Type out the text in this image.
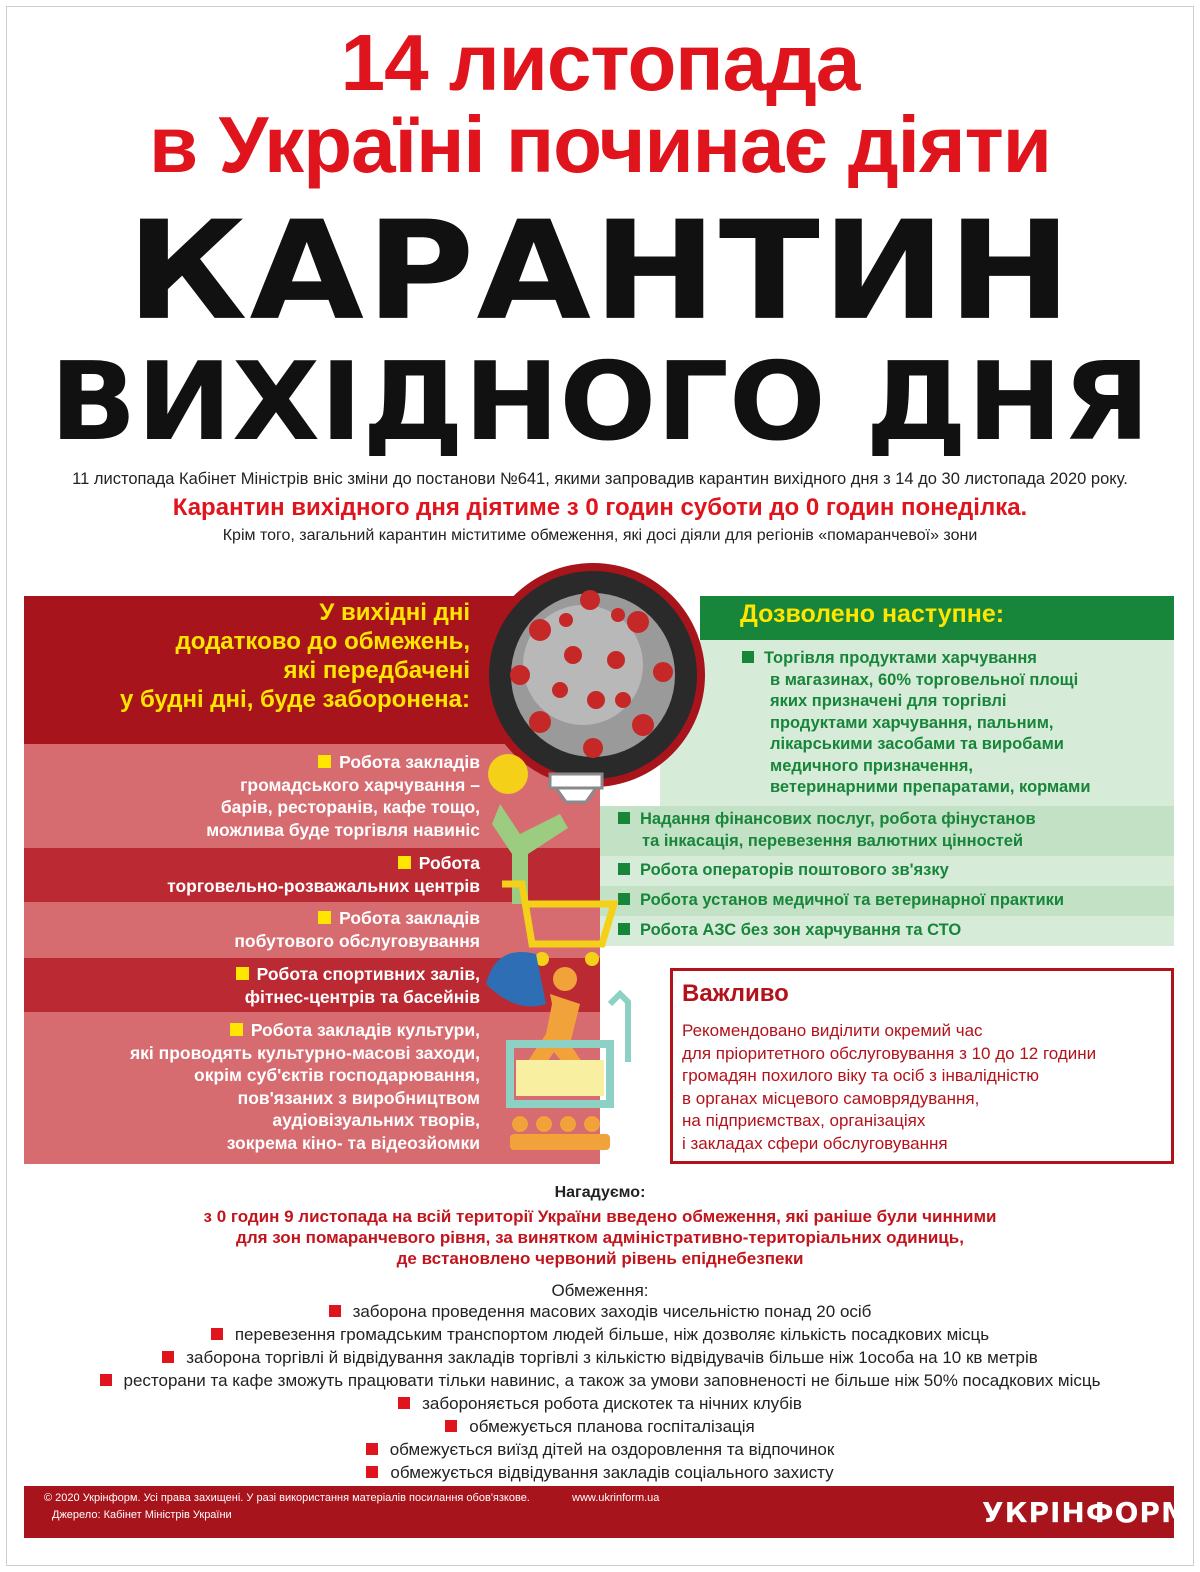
14 листопада
в Україні починає діяти
КАРАНТИН
ВИХІДНОГО ДНЯ
11 листопада Кабінет Міністрів вніс зміни до постанови №641, якими запровадив карантин вихідного дня з 14 до 30 листопада 2020 року.
Карантин вихідного дня діятиме з 0 годин суботи до 0 годин понеділка.
Крім того, загальний карантин міститиме обмеження, які досі діяли для регіонів «помаранчевої» зони
У вихідні дні
додатково до обмежень,
які передбачені
у будні дні, буде заборонена:
Робота закладів
громадського харчування –
барів, ресторанів, кафе тощо,
можлива буде торгівля навиніс
Робота
торговельно-розважальних центрів
Робота закладів
побутового обслуговування
Робота спортивних залів,
фітнес-центрів та басейнів
Робота закладів культури,
які проводять культурно-масові заходи,
окрім суб'єктів господарювання,
пов'язаних з виробництвом
аудіовізуальних творів,
зокрема кіно- та відеозйомки
Дозволено наступне:
Торгівля продуктами харчування
в магазинах, 60% торговельної площі
яких призначені для торгівлі
продуктами харчування, пальним,
лікарськими засобами та виробами
медичного призначення,
ветеринарними препаратами, кормами
Надання фінансових послуг, робота фінустанов
та інкасація, перевезення валютних цінностей
Робота операторів поштового зв'язку
Робота установ медичної та ветеринарної практики
Робота АЗС без зон харчування та СТО
Важливо
Рекомендовано виділити окремий час
для пріоритетного обслуговування з 10 до 12 години
громадян похилого віку та осіб з інвалідністю
в органах місцевого самоврядування,
на підприємствах, організаціях
і закладах сфери обслуговування
Нагадуємо:
з 0 годин 9 листопада на всій території України введено обмеження, які раніше були чинними
для зон помаранчевого рівня, за винятком адміністративно-територіальних одиниць,
де встановлено червоний рівень епіднебезпеки
Обмеження:
заборона проведення масових заходів чисельністю понад 20 осіб
перевезення громадським транспортом людей більше, ніж дозволяє кількість посадкових місць
заборона торгівлі й відвідування закладів торгівлі з кількістю відвідувачів більше ніж 1особа на 10 кв метрів
ресторани та кафе зможуть працювати тільки навинис, а також за умови заповненості не більше ніж 50% посадкових місць
забороняється робота дискотек та нічних клубів
обмежується планова госпіталізація
обмежується виїзд дітей на оздоровлення та відпочинок
обмежується відвідування закладів соціального захисту
© 2020 Укрінформ. Усі права захищені. У разі використання матеріалів посилання обов'язкове.
Джерело: Кабінет Міністрів України
www.ukrinform.ua	УКРІНФОРМ
